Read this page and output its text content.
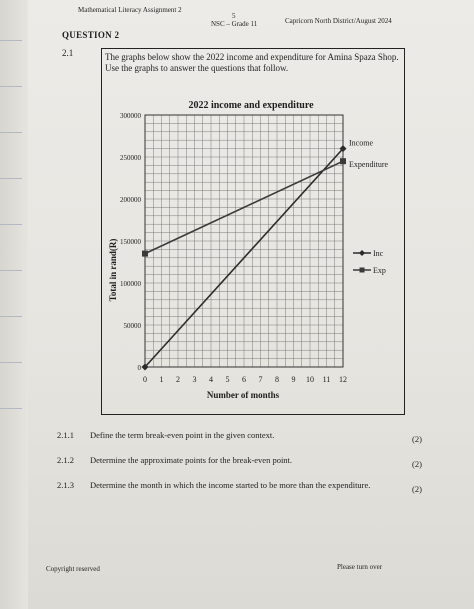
Mathematical Literacy Assignment 2
5
NSC – Grade 11	Capricorn North District/August 2024
QUESTION 2
2.1	The graphs below show the 2022 income and expenditure for Amina Spaza Shop.
Use the graphs to answer the questions that follow.
2022 income and expenditure
0
50000
100000
150000
200000
250000
300000
0 1 2 3 4 5 6 7 8 9 10 11 12
Income
Expenditure
Inc
Exp
Number of months
Total in rand(R)
2.1.1 Define the term break-even point in the given context.	(2)
2.1.2 Determine the approximate points for the break-even point.	(2)
2.1.3 Determine the month in which the income started to be more than the expenditure.	(2)
Copyright reserved	Please turn over
